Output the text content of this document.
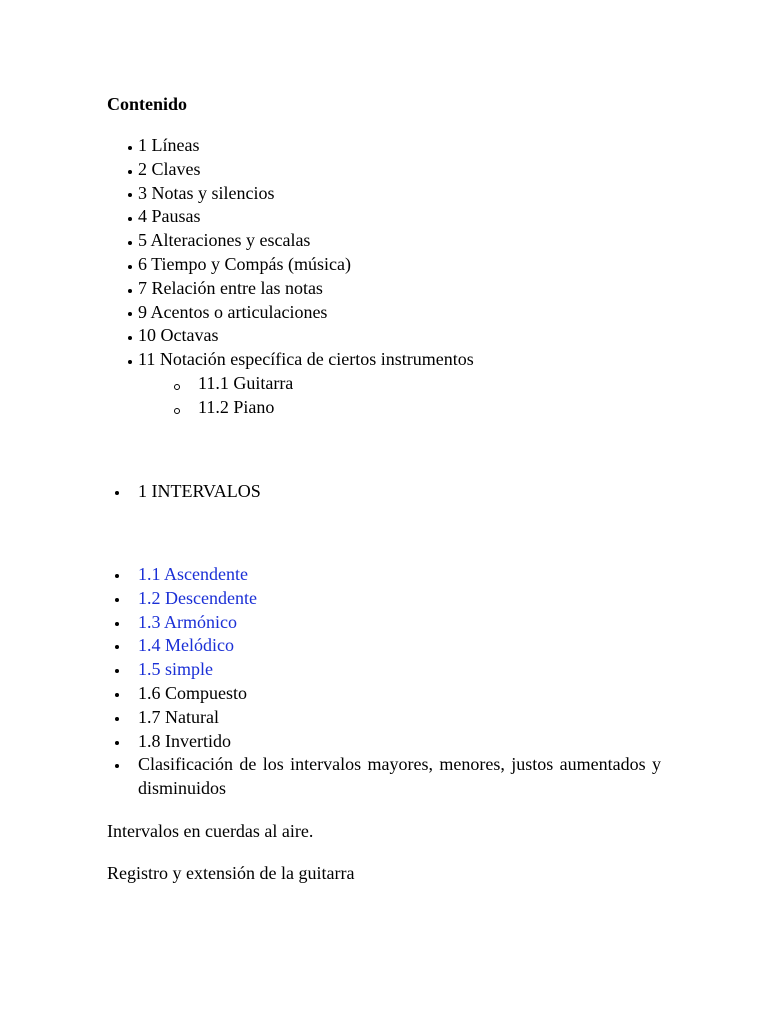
Contenido
1 Líneas
2 Claves
3 Notas y silencios
4 Pausas
5 Alteraciones y escalas
6 Tiempo y Compás (música)
7 Relación entre las notas
9 Acentos o articulaciones
10 Octavas
11 Notación específica de ciertos instrumentos
11.1 Guitarra
11.2 Piano
1 INTERVALOS
1.1 Ascendente
1.2 Descendente
1.3 Armónico
1.4 Melódico
1.5 simple
1.6 Compuesto
1.7 Natural
1.8 Invertido
Clasificación de los intervalos mayores, menores, justos aumentados y disminuidos
Intervalos en cuerdas al aire.
Registro y extensión de la guitarra
